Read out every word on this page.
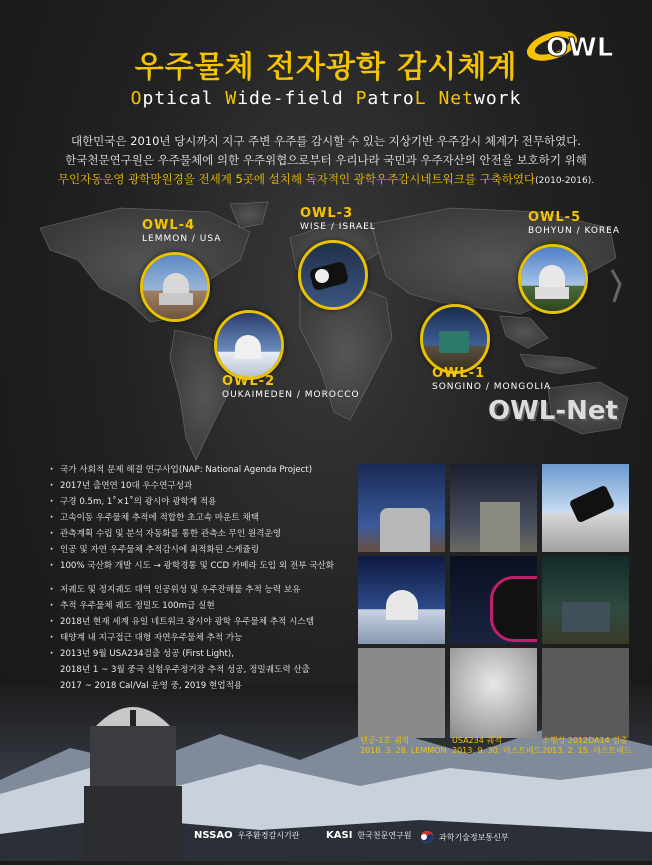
우주물체 전자광학 감시체계
Optical Wide-field PatroL Network
OWL
대한민국은 2010년 당시까지 지구 주변 우주를 감시할 수 있는 지상기반 우주감시 체계가 전무하였다.
한국천문연구원은 우주물체에 의한 우주위협으로부터 우리나라 국민과 우주자산의 안전을 보호하기 위해
무인자동운영 광학망원경을 전세계 5곳에 설치해 독자적인 광학우주감시네트워크를 구축하였다(2010-2016).
OWL-4
LEMMON / USA
OWL-3
WISE / ISRAEL
OWL-5
BOHYUN / KOREA
OWL-2
OUKAIMEDEN / MOROCCO
OWL-1
SONGINO / MONGOLIA
OWL-Net
· 국가 사회적 문제 해결 연구사업(NAP: National Agenda Project)
· 2017년 출연연 10대 우수연구성과
· 구경 0.5m, 1˚×1˚의 광시야 광학계 적용
· 고속이동 우주물체 추적에 적합한 초고속 마운트 채택
· 관측계획 수립 및 분석 자동화를 통한 관측소 무인 원격운영
· 인공 및 자연 우주물체 추적감시에 최적화된 스케쥴링
· 100% 국산화 개발 시도 → 광학경통 및 CCD 카메라 도입 외 전부 국산화
· 저궤도 및 정지궤도 대역 인공위성 및 우주잔해물 추적 능력 보유
· 추적 우주물체 궤도 정밀도 100m급 실현
· 2018년 현재 세계 유일 네트워크 광시야 광학 우주물체 추적 시스템
· 태양계 내 지구접근 대형 자연우주물체 추적 가능
· 2013년 9월 USA234검출 성공 (First Light),
2018년 1 ~ 3월 중국 실험우주정거장 추적 성공, 정밀궤도력 산출
2017 ~ 2018 Cal/Val 운영 중, 2019 현업적용
텐궁-1호 궤적
2018. 3. 28. LEMMON
USA234 궤적
2013. 9. 30. 테스트베드
소행성 2012DA14 검출
2013. 2. 15. 테스트베드
NSSAO 우주환경감시기관	KASI 한국천문연구원	과학기술정보통신부
